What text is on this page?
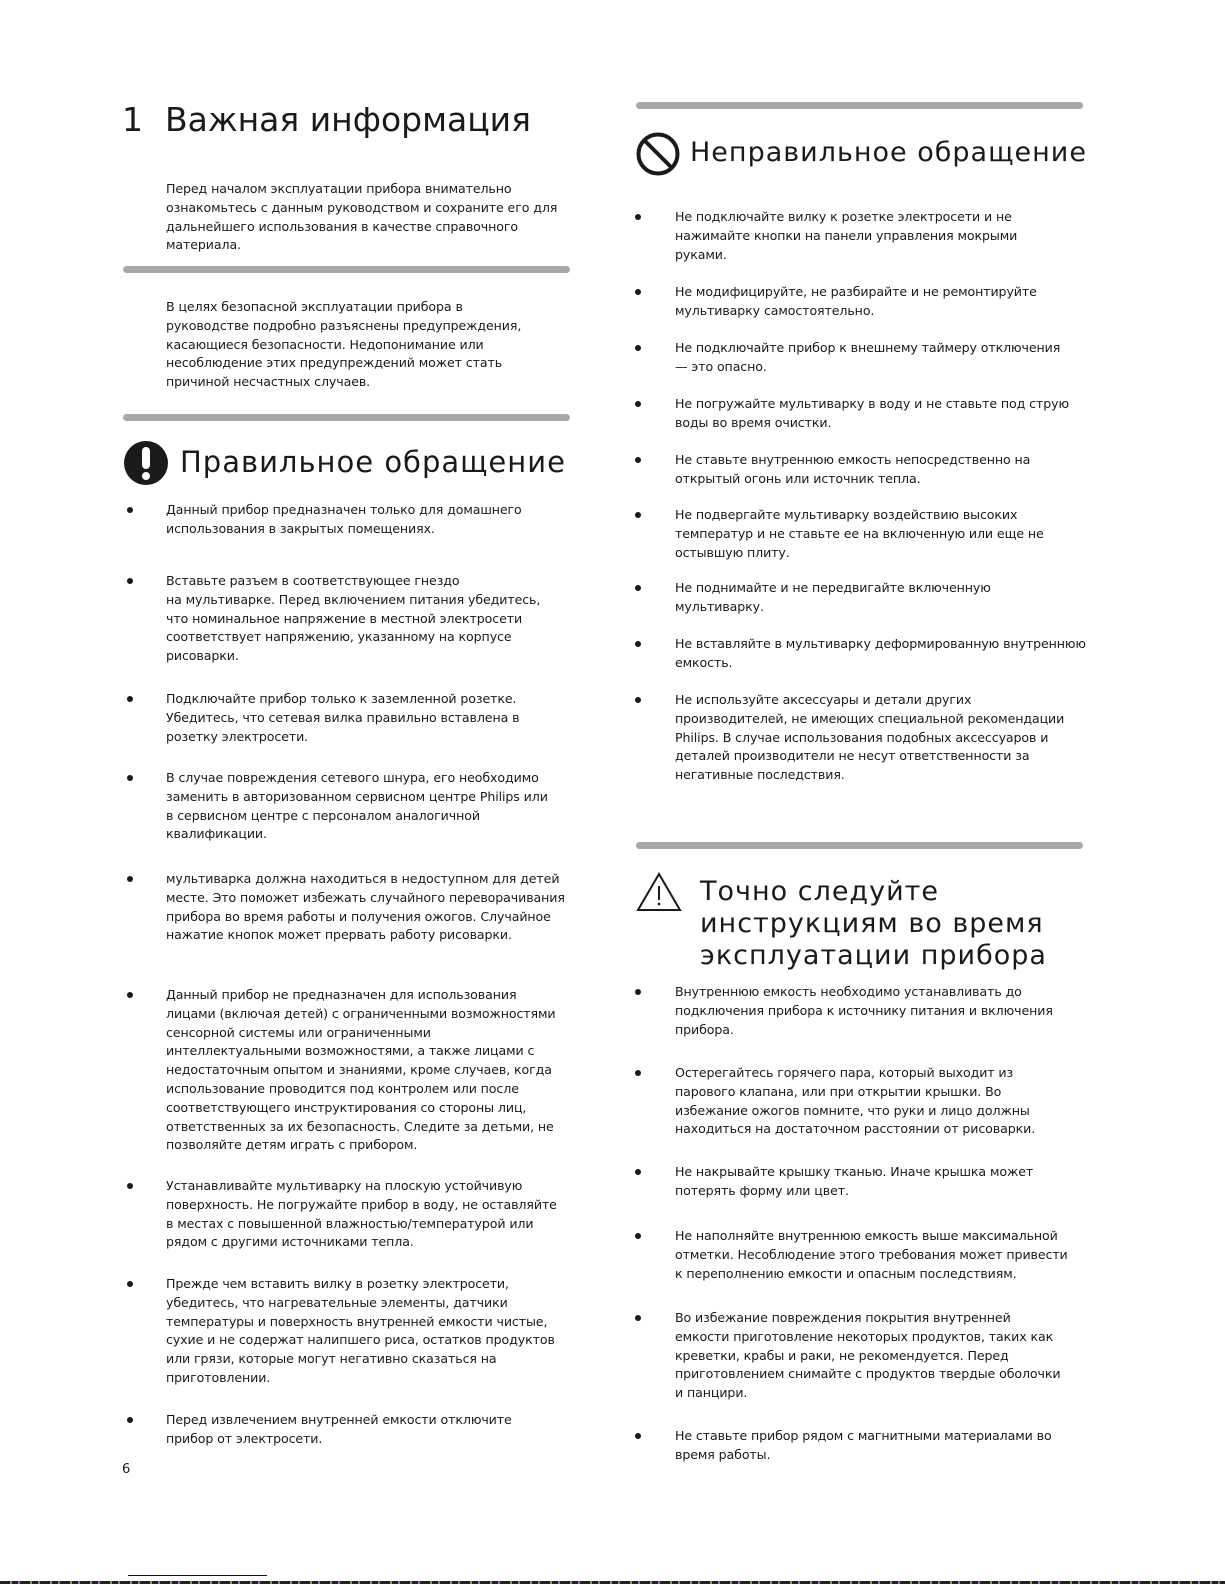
1 Важная информация
Перед началом эксплуатации прибора внимательно
ознакомьтесь с данным руководством и сохраните его для
дальнейшего использования в качестве справочного
материала.
В целях безопасной эксплуатации прибора в
руководстве подробно разъяснены предупреждения,
касающиеся безопасности. Недопонимание или
несоблюдение этих предупреждений может стать
причиной несчастных случаев.
Правильное обращение
Данный прибор предназначен только для домашнего
использования в закрытых помещениях.
Вставьте разъем в соответствующее гнездо
на мультиварке. Перед включением питания убедитесь,
что номинальное напряжение в местной электросети
соответствует напряжению, указанному на корпусе
рисоварки.
Подключайте прибор только к заземленной розетке.
Убедитесь, что сетевая вилка правильно вставлена в
розетку электросети.
В случае повреждения сетевого шнура, его необходимо
заменить в авторизованном сервисном центре Philips или
в сервисном центре с персоналом аналогичной
квалификации.
мультиварка должна находиться в недоступном для детей
месте. Это поможет избежать случайного переворачивания
прибора во время работы и получения ожогов. Случайное
нажатие кнопок может прервать работу рисоварки.
Данный прибор не предназначен для использования
лицами (включая детей) с ограниченными возможностями
сенсорной системы или ограниченными
интеллектуальными возможностями, а также лицами с
недостаточным опытом и знаниями, кроме случаев, когда
использование проводится под контролем или после
соответствующего инструктирования со стороны лиц,
ответственных за их безопасность. Следите за детьми, не
позволяйте детям играть с прибором.
Устанавливайте мультиварку на плоскую устойчивую
поверхность. Не погружайте прибор в воду, не оставляйте
в местах с повышенной влажностью/температурой или
рядом с другими источниками тепла.
Прежде чем вставить вилку в розетку электросети,
убедитесь, что нагревательные элементы, датчики
температуры и поверхность внутренней емкости чистые,
сухие и не содержат налипшего риса, остатков продуктов
или грязи, которые могут негативно сказаться на
приготовлении.
Перед извлечением внутренней емкости отключите
прибор от электросети.
Неправильное обращение
Не подключайте вилку к розетке электросети и не
нажимайте кнопки на панели управления мокрыми
руками.
Не модифицируйте, не разбирайте и не ремонтируйте
мультиварку самостоятельно.
Не подключайте прибор к внешнему таймеру отключения
— это опасно.
Не погружайте мультиварку в воду и не ставьте под струю
воды во время очистки.
Не ставьте внутреннюю емкость непосредственно на
открытый огонь или источник тепла.
Не подвергайте мультиварку воздействию высоких
температур и не ставьте ее на включенную или еще не
остывшую плиту.
Не поднимайте и не передвигайте включенную
мультиварку.
Не вставляйте в мультиварку деформированную внутреннюю
емкость.
Не используйте аксессуары и детали других
производителей, не имеющих специальной рекомендации
Philips. В случае использования подобных аксессуаров и
деталей производители не несут ответственности за
негативные последствия.
Точно следуйте
инструкциям во время
эксплуатации прибора
Внутреннюю емкость необходимо устанавливать до
подключения прибора к источнику питания и включения
прибора.
Остерегайтесь горячего пара, который выходит из
парового клапана, или при открытии крышки. Во
избежание ожогов помните, что руки и лицо должны
находиться на достаточном расстоянии от рисоварки.
Не накрывайте крышку тканью. Иначе крышка может
потерять форму или цвет.
Не наполняйте внутреннюю емкость выше максимальной
отметки. Несоблюдение этого требования может привести
к переполнению емкости и опасным последствиям.
Во избежание повреждения покрытия внутренней
емкости приготовление некоторых продуктов, таких как
креветки, крабы и раки, не рекомендуется. Перед
приготовлением снимайте с продуктов твердые оболочки
и панцири.
Не ставьте прибор рядом с магнитными материалами во
время работы.
6
